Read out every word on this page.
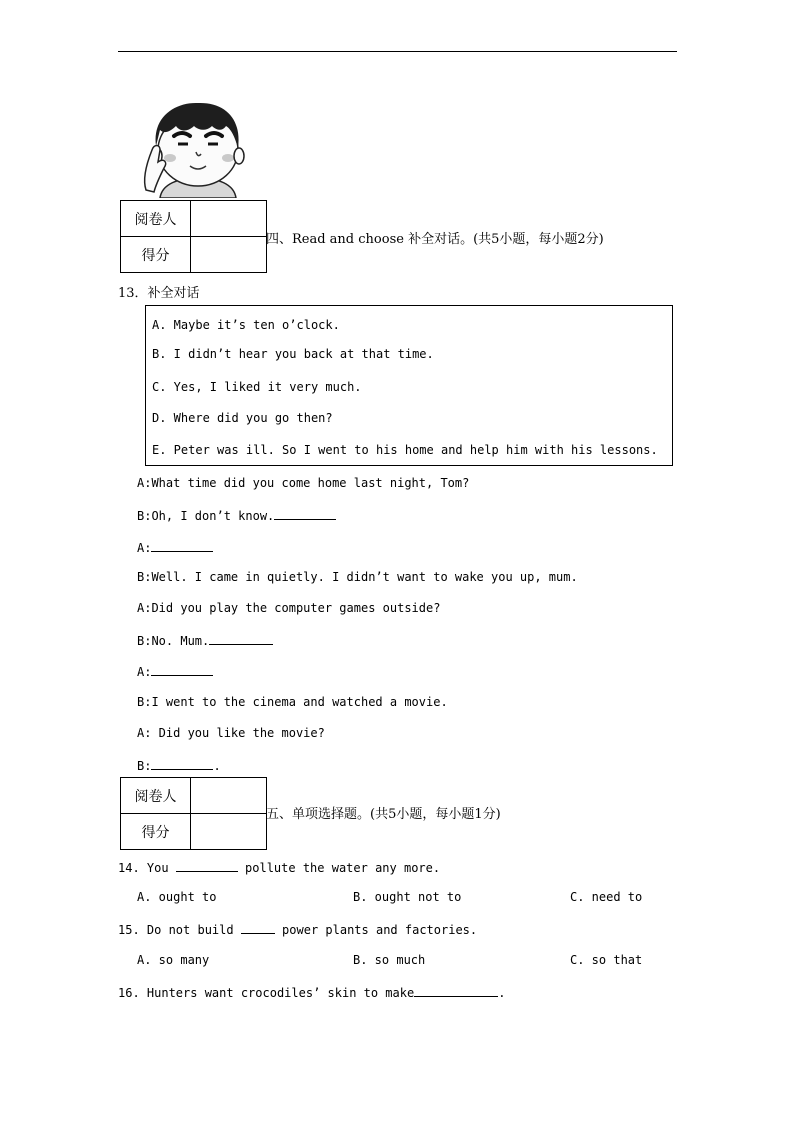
阅卷人	
得分	
四、Read and choose 补全对话。(共5小题，每小题2分)
13．补全对话
A. Maybe it’s ten o’clock.
B. I didn’t hear you back at that time.
C. Yes, I liked it very much.
D. Where did you go then?
E. Peter was ill. So I went to his home and help him with his lessons.
A:What time did you come home last night, Tom?
B:Oh, I don’t know.
A:
B:Well. I came in quietly. I didn’t want to wake you up, mum.
A:Did you play the computer games outside?
B:No. Mum.
A:
B:I went to the cinema and watched a movie.
A: Did you like the movie?
B:	.
阅卷人	
得分	
五、单项选择题。(共5小题，每小题1分)
14. You	pollute the water any more.
A. ought to	B. ought not to	C. need to
15. Do not build	power plants and factories.
A. so many	B. so much	C. so that
16. Hunters want crocodiles’ skin to make	.
